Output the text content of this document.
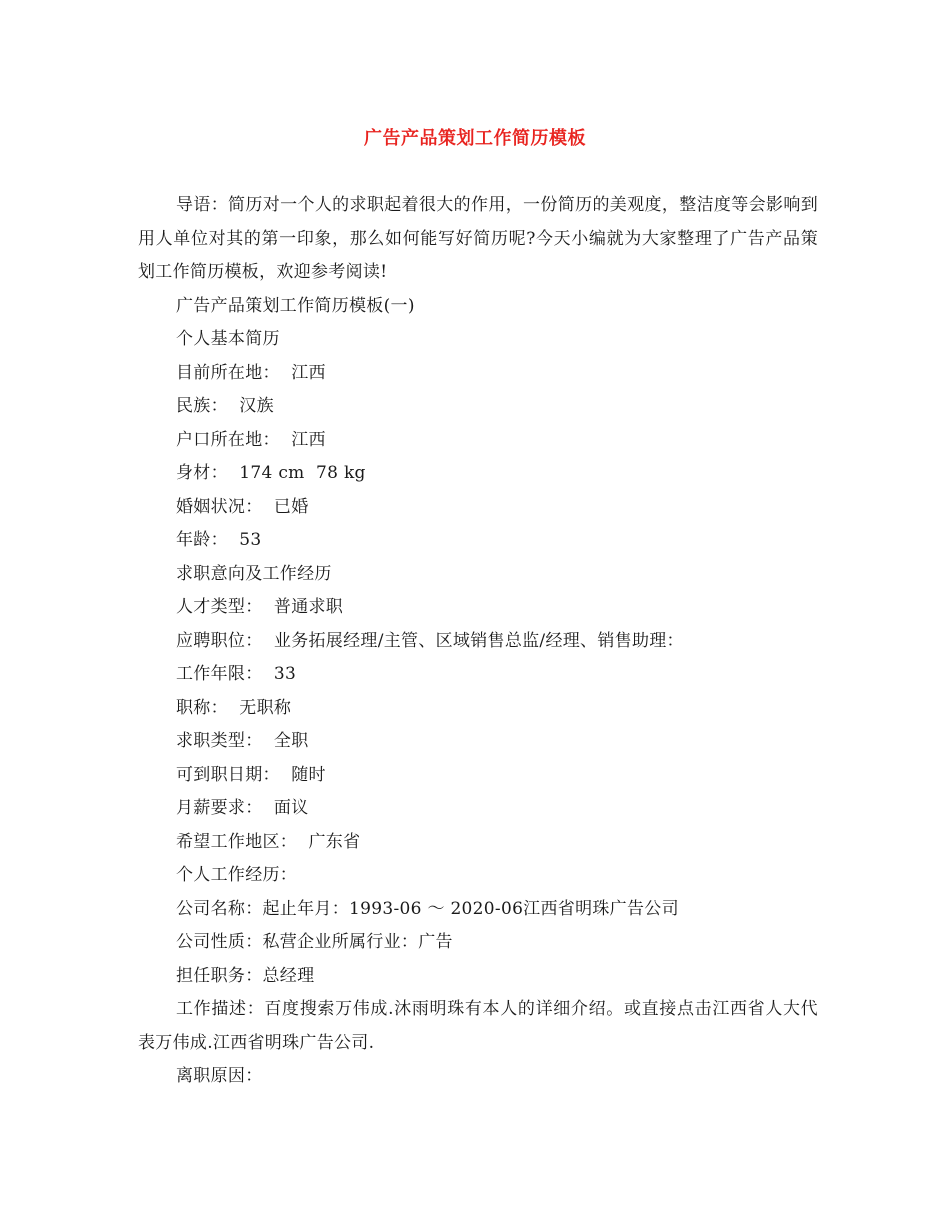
广告产品策划工作简历模板

导语：简历对一个人的求职起着很大的作用，一份简历的美观度，整洁度等会影响到用人单位对其的第一印象，那么如何能写好简历呢?今天小编就为大家整理了广告产品策划工作简历模板，欢迎参考阅读!

广告产品策划工作简历模板(一)

个人基本简历

目前所在地：  江西

民族：  汉族

户口所在地：  江西

身材：  174 cm  78 kg

婚姻状况：  已婚

年龄：  53

求职意向及工作经历

人才类型：  普通求职

应聘职位：  业务拓展经理/主管、区域销售总监/经理、销售助理：

工作年限：  33

职称：  无职称

求职类型：  全职

可到职日期：  随时

月薪要求：  面议

希望工作地区：  广东省

个人工作经历：

公司名称：起止年月：1993-06 ～ 2020-06江西省明珠广告公司

公司性质：私营企业所属行业：广告

担任职务：总经理

工作描述：百度搜索万伟成.沐雨明珠有本人的详细介绍。或直接点击江西省人大代表万伟成.江西省明珠广告公司.

离职原因：
